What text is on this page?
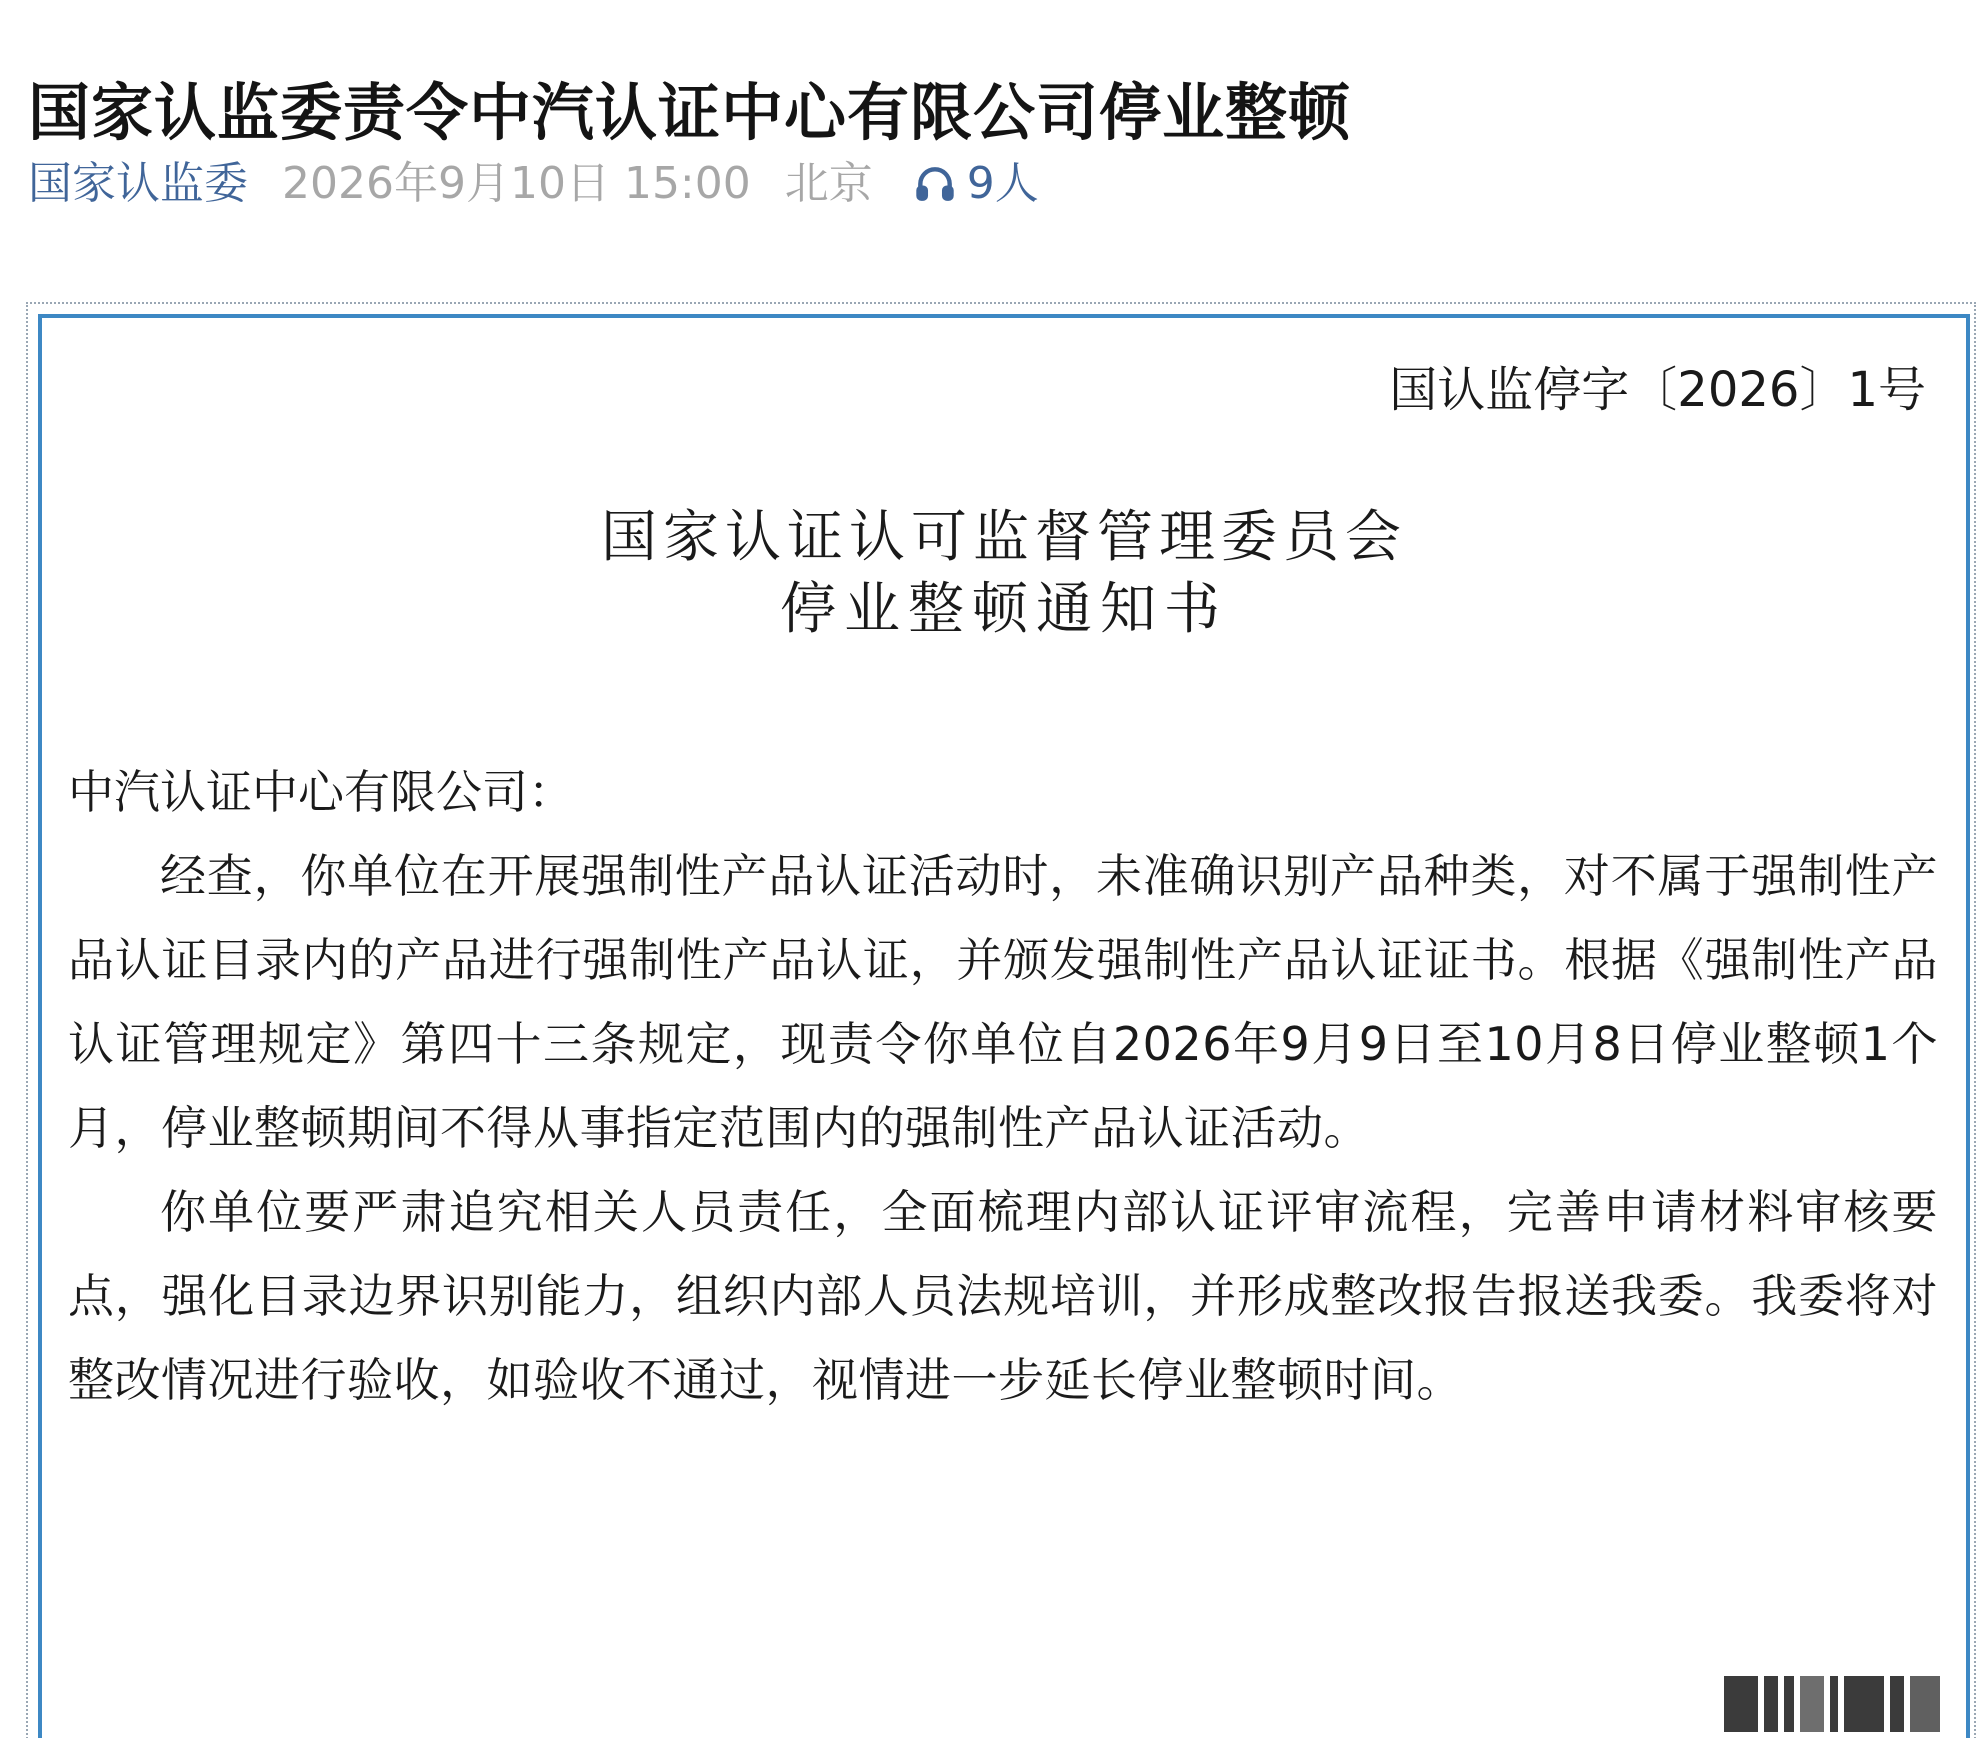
国家认监委责令中汽认证中心有限公司停业整顿
国家认监委 2026年9月10日 15:00 北京 9人
国认监停字〔2026〕1号
国家认证认可监督管理委员会
停业整顿通知书
中汽认证中心有限公司：

经查，你单位在开展强制性产品认证活动时，未准确识别产品种类，对不属于强制性产品认证目录内的产品进行强制性产品认证，并颁发强制性产品认证证书。根据《强制性产品认证管理规定》第四十三条规定，现责令你单位自2026年9月9日至10月8日停业整顿1个月，停业整顿期间不得从事指定范围内的强制性产品认证活动。

你单位要严肃追究相关人员责任，全面梳理内部认证评审流程，完善申请材料审核要点，强化目录边界识别能力，组织内部人员法规培训，并形成整改报告报送我委。我委将对整改情况进行验收，如验收不通过，视情进一步延长停业整顿时间。
